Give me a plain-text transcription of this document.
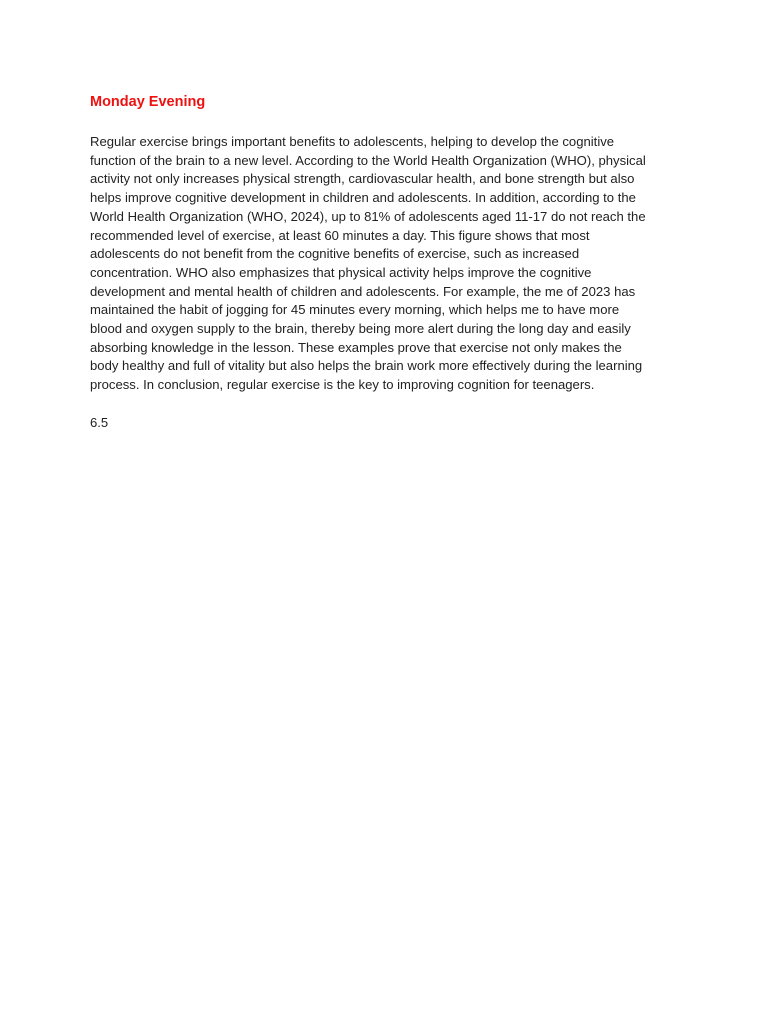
Monday Evening
Regular exercise brings important benefits to adolescents, helping to develop the cognitive
function of the brain to a new level. According to the World Health Organization (WHO), physical
activity not only increases physical strength, cardiovascular health, and bone strength but also
helps improve cognitive development in children and adolescents. In addition, according to the
World Health Organization (WHO, 2024), up to 81% of adolescents aged 11-17 do not reach the
recommended level of exercise, at least 60 minutes a day. This figure shows that most
adolescents do not benefit from the cognitive benefits of exercise, such as increased
concentration. WHO also emphasizes that physical activity helps improve the cognitive
development and mental health of children and adolescents. For example, the me of 2023 has
maintained the habit of jogging for 45 minutes every morning, which helps me to have more
blood and oxygen supply to the brain, thereby being more alert during the long day and easily
absorbing knowledge in the lesson. These examples prove that exercise not only makes the
body healthy and full of vitality but also helps the brain work more effectively during the learning
process. In conclusion, regular exercise is the key to improving cognition for teenagers.

6.5
